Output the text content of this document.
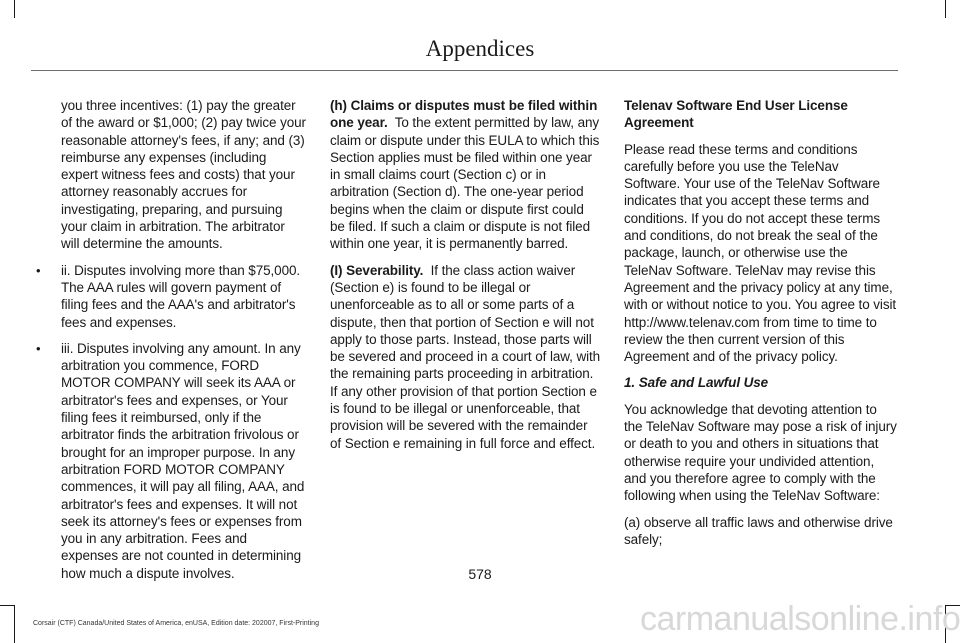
Appendices

you three incentives: (1) pay the greater of the award or $1,000; (2) pay twice your reasonable attorney's fees, if any; and (3) reimburse any expenses (including expert witness fees and costs) that your attorney reasonably accrues for investigating, preparing, and pursuing your claim in arbitration. The arbitrator will determine the amounts.

• ii. Disputes involving more than $75,000. The AAA rules will govern payment of filing fees and the AAA's and arbitrator's fees and expenses.

• iii. Disputes involving any amount. In any arbitration you commence, FORD MOTOR COMPANY will seek its AAA or arbitrator's fees and expenses, or Your filing fees it reimbursed, only if the arbitrator finds the arbitration frivolous or brought for an improper purpose. In any arbitration FORD MOTOR COMPANY commences, it will pay all filing, AAA, and arbitrator's fees and expenses. It will not seek its attorney's fees or expenses from you in any arbitration. Fees and expenses are not counted in determining how much a dispute involves.

(h) Claims or disputes must be filed within one year. To the extent permitted by law, any claim or dispute under this EULA to which this Section applies must be filed within one year in small claims court (Section c) or in arbitration (Section d). The one-year period begins when the claim or dispute first could be filed. If such a claim or dispute is not filed within one year, it is permanently barred.

(I) Severability. If the class action waiver (Section e) is found to be illegal or unenforceable as to all or some parts of a dispute, then that portion of Section e will not apply to those parts. Instead, those parts will be severed and proceed in a court of law, with the remaining parts proceeding in arbitration. If any other provision of that portion Section e is found to be illegal or unenforceable, that provision will be severed with the remainder of Section e remaining in full force and effect.

Telenav Software End User License Agreement

Please read these terms and conditions carefully before you use the TeleNav Software. Your use of the TeleNav Software indicates that you accept these terms and conditions. If you do not accept these terms and conditions, do not break the seal of the package, launch, or otherwise use the TeleNav Software. TeleNav may revise this Agreement and the privacy policy at any time, with or without notice to you. You agree to visit http://www.telenav.com from time to time to review the then current version of this Agreement and of the privacy policy.

1. Safe and Lawful Use

You acknowledge that devoting attention to the TeleNav Software may pose a risk of injury or death to you and others in situations that otherwise require your undivided attention, and you therefore agree to comply with the following when using the TeleNav Software:

(a) observe all traffic laws and otherwise drive safely;

578
Corsair (CTF) Canada/United States of America, enUSA, Edition date: 202007, First-Printing	carmanualsonline.info
